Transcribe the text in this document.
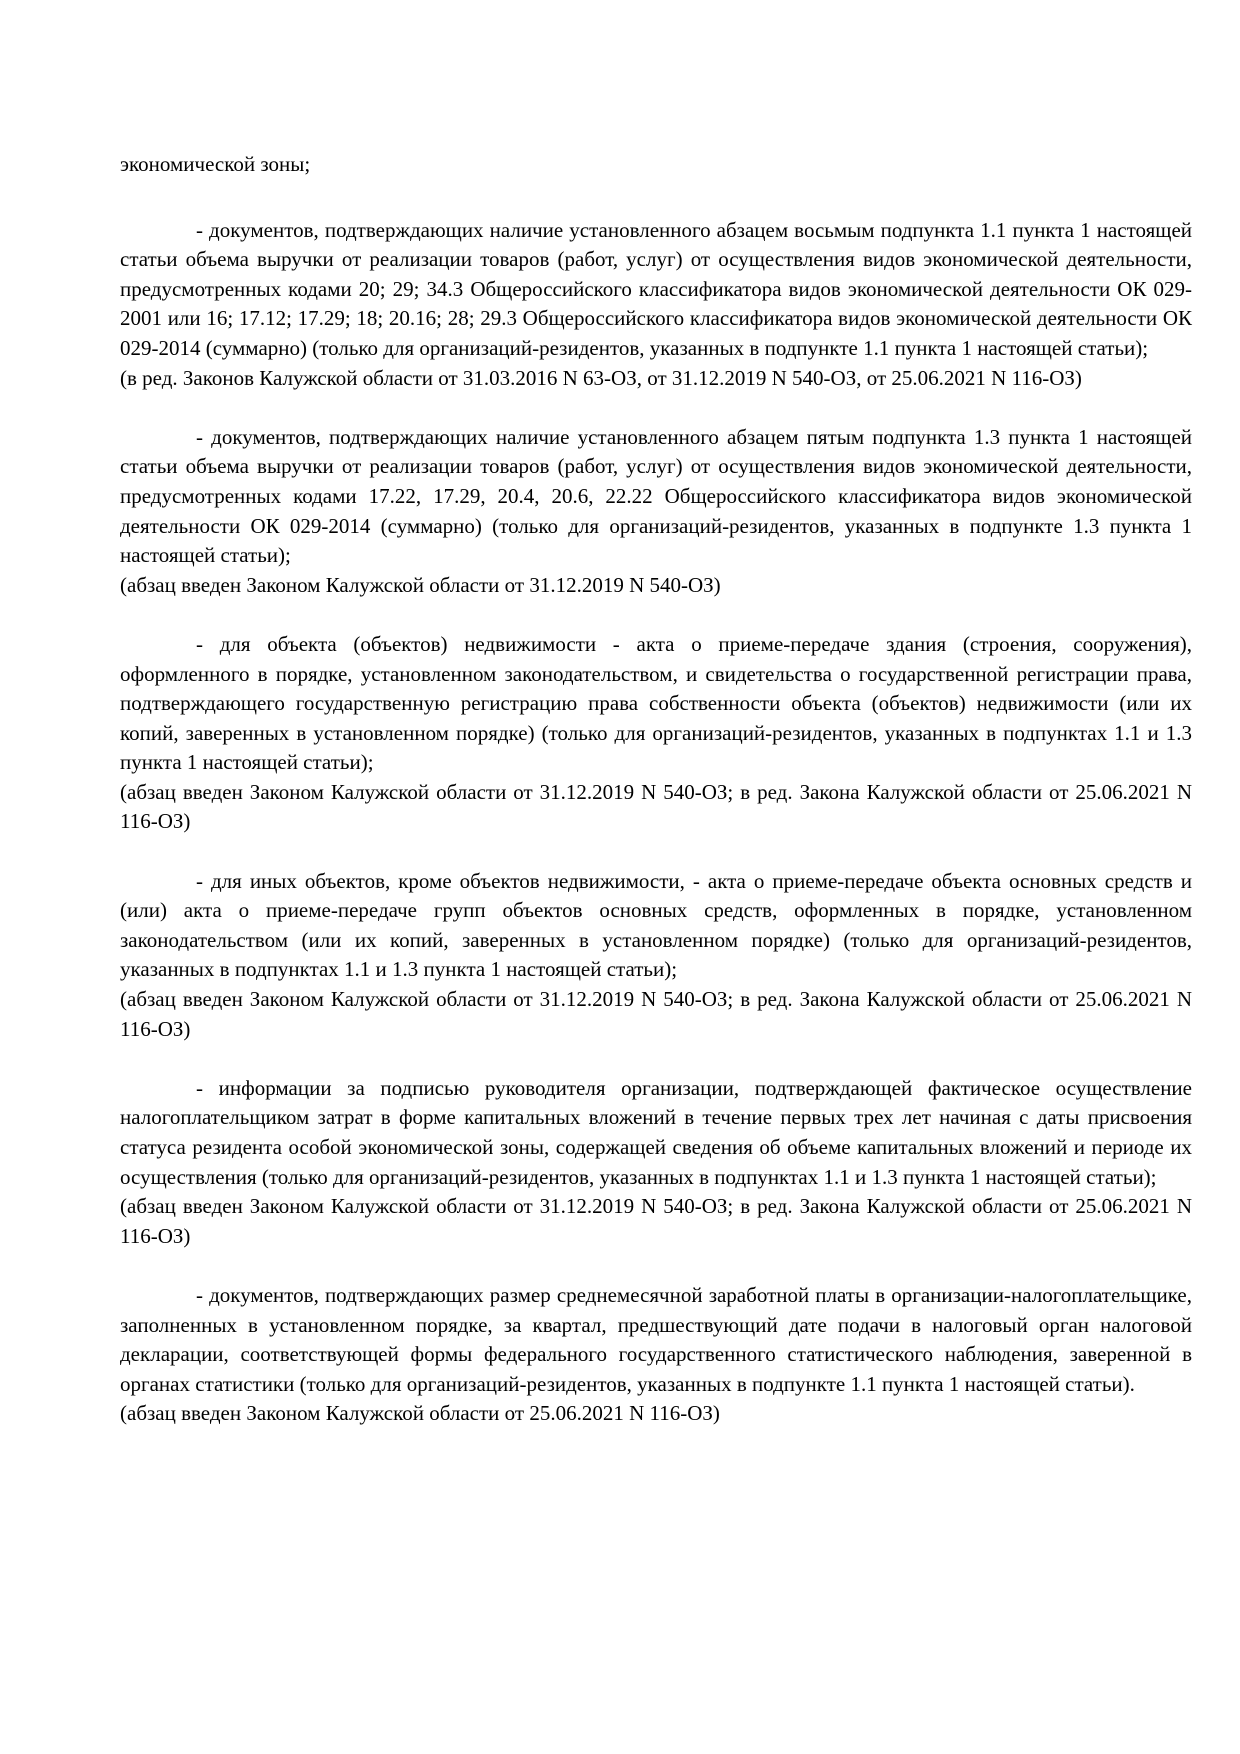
экономической зоны;

- документов, подтверждающих наличие установленного абзацем восьмым подпункта 1.1 пункта 1 настоящей статьи объема выручки от реализации товаров (работ, услуг) от осуществления видов экономической деятельности, предусмотренных кодами 20; 29; 34.3 Общероссийского классификатора видов экономической деятельности ОК 029-2001 или 16; 17.12; 17.29; 18; 20.16; 28; 29.3 Общероссийского классификатора видов экономической деятельности ОК 029-2014 (суммарно) (только для организаций-резидентов, указанных в подпункте 1.1 пункта 1 настоящей статьи);

(в ред. Законов Калужской области от 31.03.2016 N 63-ОЗ, от 31.12.2019 N 540-ОЗ, от 25.06.2021 N 116-ОЗ)

- документов, подтверждающих наличие установленного абзацем пятым подпункта 1.3 пункта 1 настоящей статьи объема выручки от реализации товаров (работ, услуг) от осуществления видов экономической деятельности, предусмотренных кодами 17.22, 17.29, 20.4, 20.6, 22.22 Общероссийского классификатора видов экономической деятельности ОК 029-2014 (суммарно) (только для организаций-резидентов, указанных в подпункте 1.3 пункта 1 настоящей статьи);

(абзац введен Законом Калужской области от 31.12.2019 N 540-ОЗ)

- для объекта (объектов) недвижимости - акта о приеме-передаче здания (строения, сооружения), оформленного в порядке, установленном законодательством, и свидетельства о государственной регистрации права, подтверждающего государственную регистрацию права собственности объекта (объектов) недвижимости (или их копий, заверенных в установленном порядке) (только для организаций-резидентов, указанных в подпунктах 1.1 и 1.3 пункта 1 настоящей статьи);

(абзац введен Законом Калужской области от 31.12.2019 N 540-ОЗ; в ред. Закона Калужской области от 25.06.2021 N 116-ОЗ)

- для иных объектов, кроме объектов недвижимости, - акта о приеме-передаче объекта основных средств и (или) акта о приеме-передаче групп объектов основных средств, оформленных в порядке, установленном законодательством (или их копий, заверенных в установленном порядке) (только для организаций-резидентов, указанных в подпунктах 1.1 и 1.3 пункта 1 настоящей статьи);

(абзац введен Законом Калужской области от 31.12.2019 N 540-ОЗ; в ред. Закона Калужской области от 25.06.2021 N 116-ОЗ)

- информации за подписью руководителя организации, подтверждающей фактическое осуществление налогоплательщиком затрат в форме капитальных вложений в течение первых трех лет начиная с даты присвоения статуса резидента особой экономической зоны, содержащей сведения об объеме капитальных вложений и периоде их осуществления (только для организаций-резидентов, указанных в подпунктах 1.1 и 1.3 пункта 1 настоящей статьи);

(абзац введен Законом Калужской области от 31.12.2019 N 540-ОЗ; в ред. Закона Калужской области от 25.06.2021 N 116-ОЗ)

- документов, подтверждающих размер среднемесячной заработной платы в организации-налогоплательщике, заполненных в установленном порядке, за квартал, предшествующий дате подачи в налоговый орган налоговой декларации, соответствующей формы федерального государственного статистического наблюдения, заверенной в органах статистики (только для организаций-резидентов, указанных в подпункте 1.1 пункта 1 настоящей статьи).

(абзац введен Законом Калужской области от 25.06.2021 N 116-ОЗ)
